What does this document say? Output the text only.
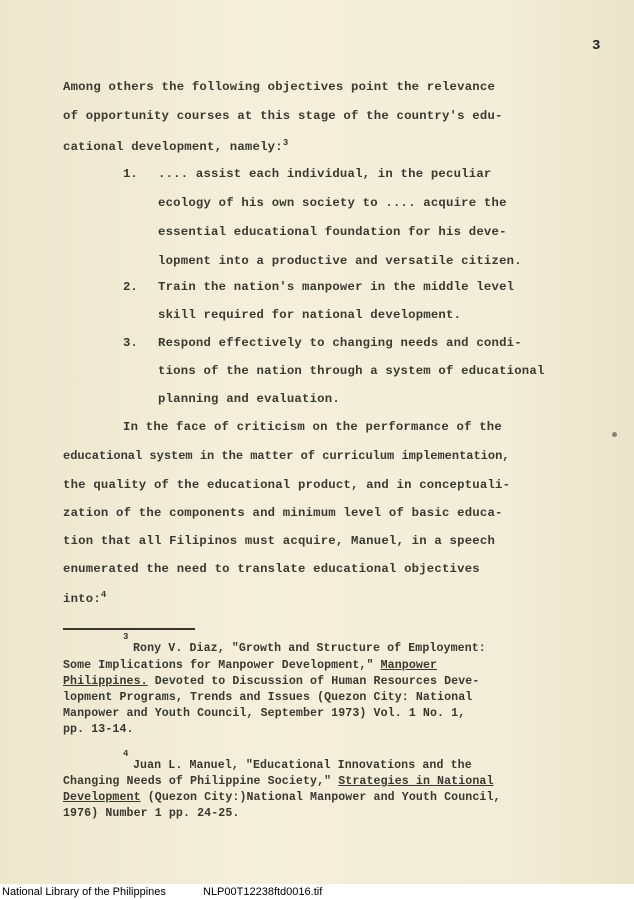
3
Among others the following objectives point the relevance
of opportunity courses at this stage of the country's edu-
cational development, namely:$^3$
1. .... assist each individual, in the peculiar
ecology of his own society to .... acquire the
essential educational foundation for his deve-
lopment into a productive and versatile citizen.
2. Train the nation's manpower in the middle level
skill required for national development.
3. Respond effectively to changing needs and condi-
tions of the nation through a system of educational
planning and evaluation.
In the face of criticism on the performance of the
educational system in the matter of curriculum implementation,
the quality of the educational product, and in conceptuali-
zation of the components and minimum level of basic educa-
tion that all Filipinos must acquire, Manuel, in a speech
enumerated the need to translate educational objectives
into:$^4$
3
Rony V. Diaz, "Growth and Structure of Employment:
Some Implications for Manpower Development," Manpower
Philippines. Devoted to Discussion of Human Resources Deve-
lopment Programs, Trends and Issues (Quezon City: National
Manpower and Youth Council, September 1973) Vol. 1 No. 1,
pp. 13-14.
4
Juan L. Manuel, "Educational Innovations and the
Changing Needs of Philippine Society," Strategies in National
Development (Quezon City:)National Manpower and Youth Council,
1976) Number 1 pp. 24-25.
National Library of the Philippines	NLP00T12238ftd0016.tif
